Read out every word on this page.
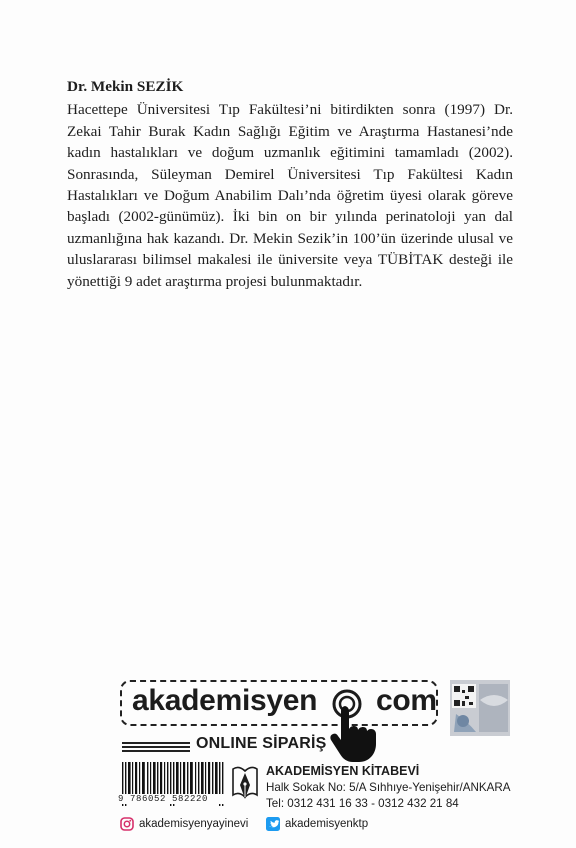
Dr. Mekin SEZİK

Hacettepe Üniversitesi Tıp Fakültesi’ni bitirdikten sonra (1997) Dr. Zekai Tahir Burak Kadın Sağlığı Eğitim ve Araştırma Hastanesi’nde kadın hastalıkları ve doğum uzmanlık eğitimini tamamladı (2002). Sonrasında, Süleyman Demirel Üniversitesi Tıp Fakültesi Kadın Hastalıkları ve Doğum Anabilim Dalı’nda öğretim üyesi olarak göreve başladı (2002-günümüz). İki bin on bir yılında perinatoloji yan dal uzmanlığına hak kazandı. Dr. Mekin Sezik’in 100’ün üzerinde ulusal ve uluslararası bilimsel makalesi ile üniversite veya TÜBİTAK desteği ile yönettiği 9 adet araştırma projesi bulunmaktadır.

akademisyen com
ONLINE SİPARİŞ
9 786052 582220
AKADEMİSYEN KİTABEVİ
Halk Sokak No: 5/A Sıhhıye-Yenişehir/ANKARA
Tel: 0312 431 16 33 - 0312 432 21 84
akademisyenyayinevi	akademisyenktp
